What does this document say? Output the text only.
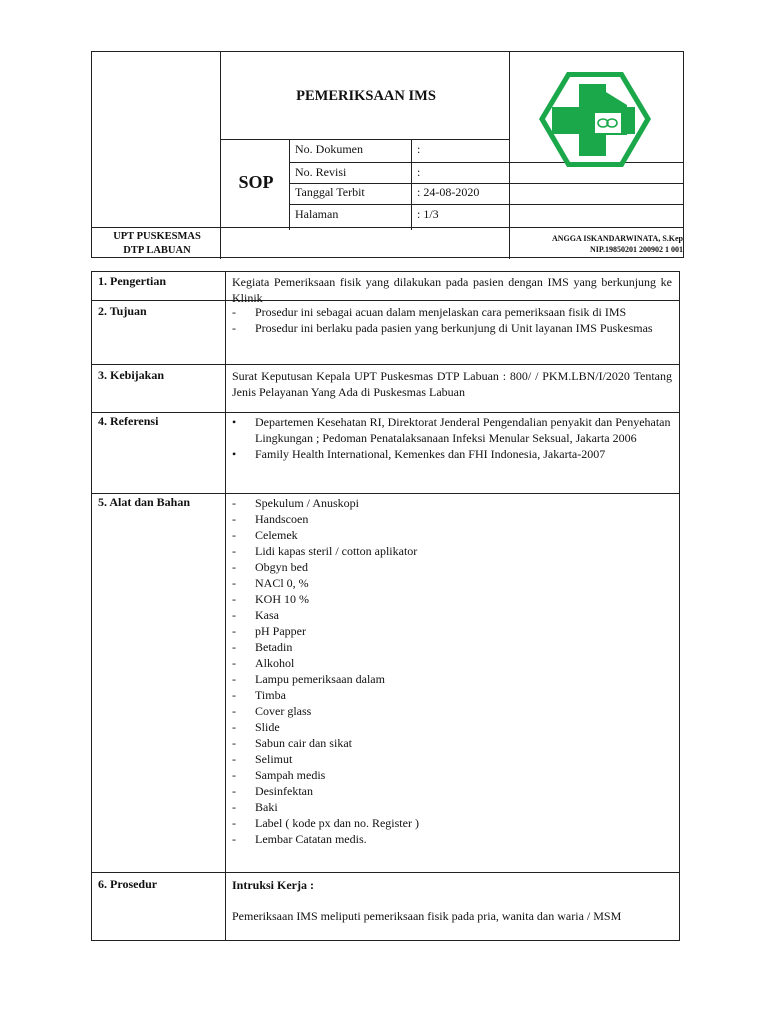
PEMERIKSAAN IMS
SOP
No. Dokumen	:
No. Revisi	:
Tanggal Terbit	: 24-08-2020
Halaman	: 1/3
UPT PUSKESMAS
DTP LABUAN
ANGGA ISKANDARWINATA, S.Kep
NIP.19850201 200902 1 001
1. Pengertian	Kegiata Pemeriksaan fisik yang dilakukan pada pasien dengan IMS yang berkunjung ke Klinik
2. Tujuan	- Prosedur ini sebagai acuan dalam menjelaskan cara pemeriksaan fisik di IMS
- Prosedur ini berlaku pada pasien yang berkunjung di Unit layanan IMS Puskesmas
3. Kebijakan	Surat Keputusan Kepala UPT Puskesmas DTP Labuan : 800/ / PKM.LBN/I/2020 Tentang Jenis Pelayanan Yang Ada di Puskesmas Labuan
4. Referensi	• Departemen Kesehatan RI, Direktorat Jenderal Pengendalian penyakit dan Penyehatan Lingkungan ; Pedoman Penatalaksanaan Infeksi Menular Seksual, Jakarta 2006
• Family Health International, Kemenkes dan FHI Indonesia, Jakarta-2007
5. Alat dan Bahan	- Spekulum / Anuskopi
- Handscoen
- Celemek
- Lidi kapas steril / cotton aplikator
- Obgyn bed
- NACl 0, %
- KOH 10 %
- Kasa
- pH Papper
- Betadin
- Alkohol
- Lampu pemeriksaan dalam
- Timba
- Cover glass
- Slide
- Sabun cair dan sikat
- Selimut
- Sampah medis
- Desinfektan
- Baki
- Label ( kode px dan no. Register )
- Lembar Catatan medis.
6. Prosedur	Intruksi Kerja :
Pemeriksaan IMS meliputi pemeriksaan fisik pada pria, wanita dan waria / MSM
